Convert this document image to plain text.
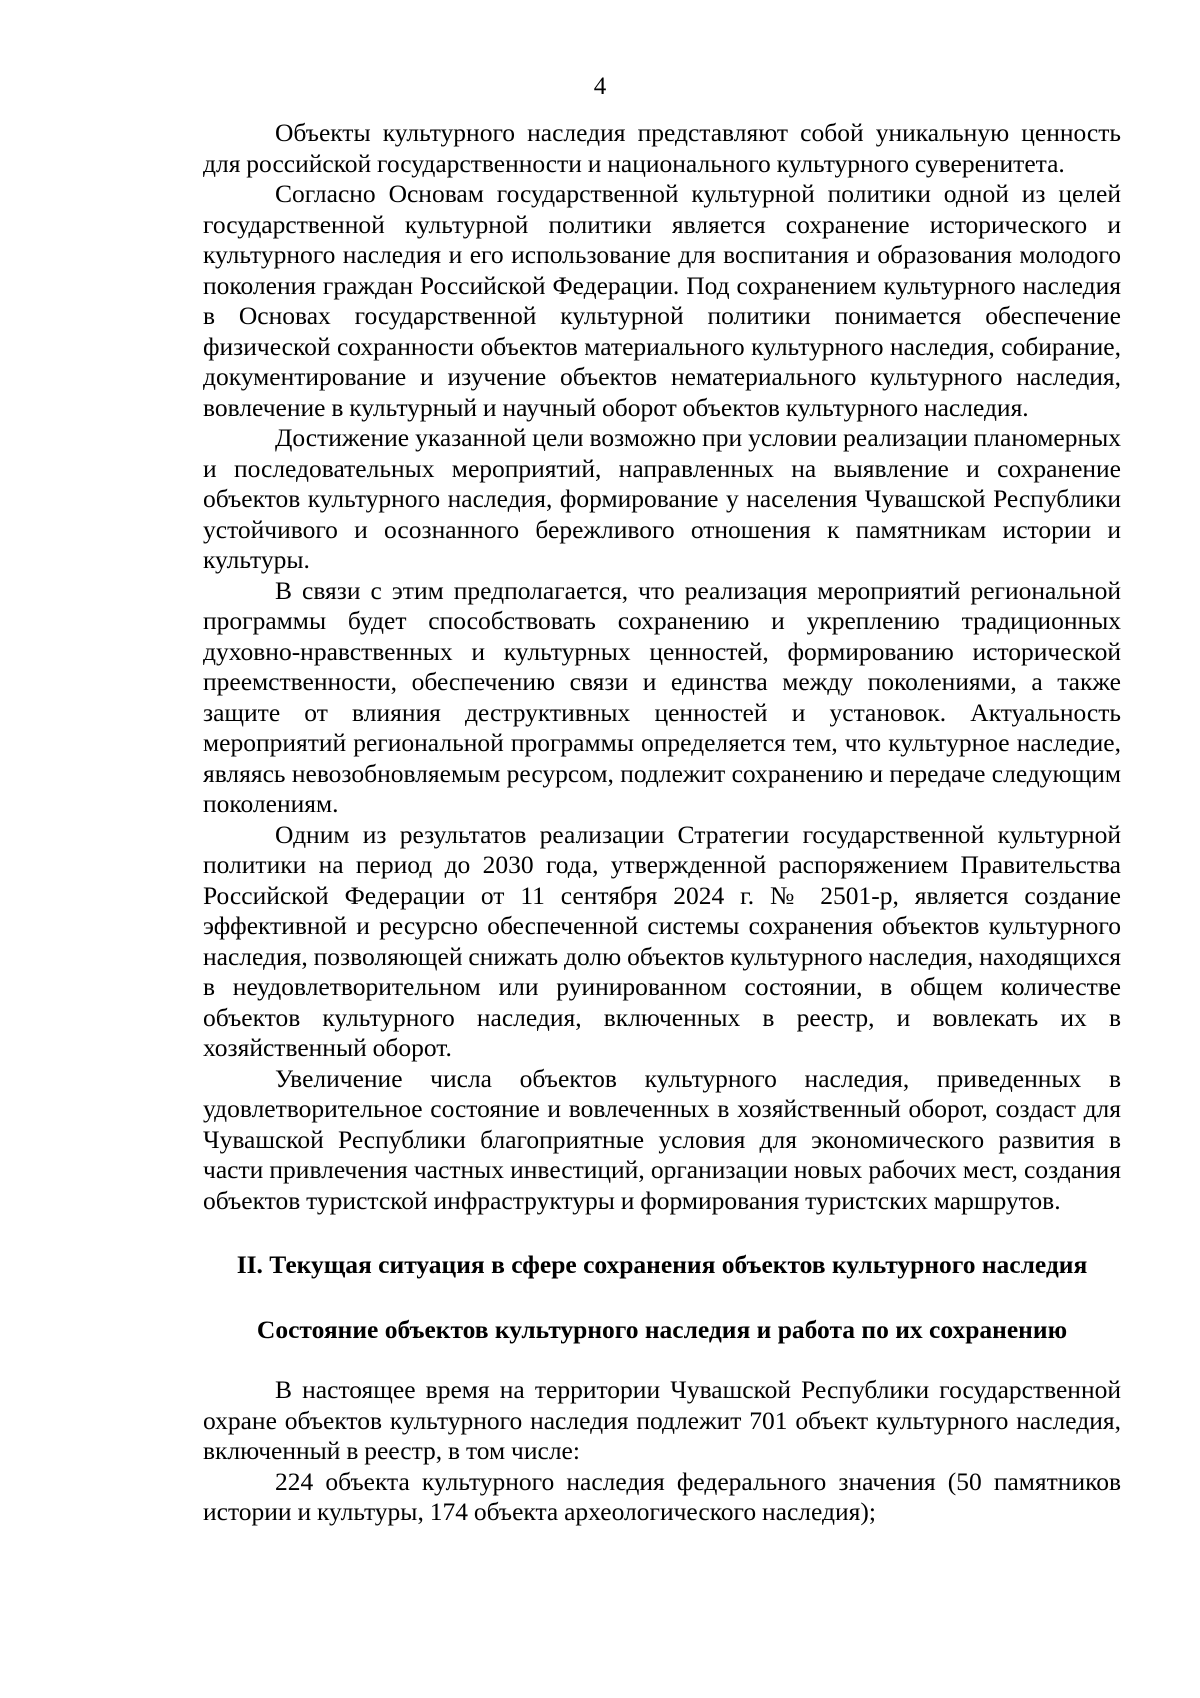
4

Объекты культурного наследия представляют собой уникальную ценность для российской государственности и национального культурного суверенитета.

Согласно Основам государственной культурной политики одной из целей государственной культурной политики является сохранение исторического и культурного наследия и его использование для воспитания и образования молодого поколения граждан Российской Федерации. Под сохранением культурного наследия в Основах государственной культурной политики понимается обеспечение физической сохранности объектов материального культурного наследия, собирание, документирование и изучение объектов нематериального культурного наследия, вовлечение в культурный и научный оборот объектов культурного наследия.

Достижение указанной цели возможно при условии реализации планомерных и последовательных мероприятий, направленных на выявление и сохранение объектов культурного наследия, формирование у населения Чувашской Республики устойчивого и осознанного бережливого отношения к памятникам истории и культуры.

В связи с этим предполагается, что реализация мероприятий региональной программы будет способствовать сохранению и укреплению традиционных духовно-нравственных и культурных ценностей, формированию исторической преемственности, обеспечению связи и единства между поколениями, а также защите от влияния деструктивных ценностей и установок. Актуальность мероприятий региональной программы определяется тем, что культурное наследие, являясь невозобновляемым ресурсом, подлежит сохранению и передаче следующим поколениям.

Одним из результатов реализации Стратегии государственной культурной политики на период до 2030 года, утвержденной распоряжением Правительства Российской Федерации от 11 сентября 2024 г. № 2501-р, является создание эффективной и ресурсно обеспеченной системы сохранения объектов культурного наследия, позволяющей снижать долю объектов культурного наследия, находящихся в неудовлетворительном или руинированном состоянии, в общем количестве объектов культурного наследия, включенных в реестр, и вовлекать их в хозяйственный оборот.

Увеличение числа объектов культурного наследия, приведенных в удовлетворительное состояние и вовлеченных в хозяйственный оборот, создаст для Чувашской Республики благоприятные условия для экономического развития в части привлечения частных инвестиций, организации новых рабочих мест, создания объектов туристской инфраструктуры и формирования туристских маршрутов.

II. Текущая ситуация в сфере сохранения объектов культурного наследия

Состояние объектов культурного наследия и работа по их сохранению

В настоящее время на территории Чувашской Республики государственной охране объектов культурного наследия подлежит 701 объект культурного наследия, включенный в реестр, в том числе:

224 объекта культурного наследия федерального значения (50 памятников истории и культуры, 174 объекта археологического наследия);
